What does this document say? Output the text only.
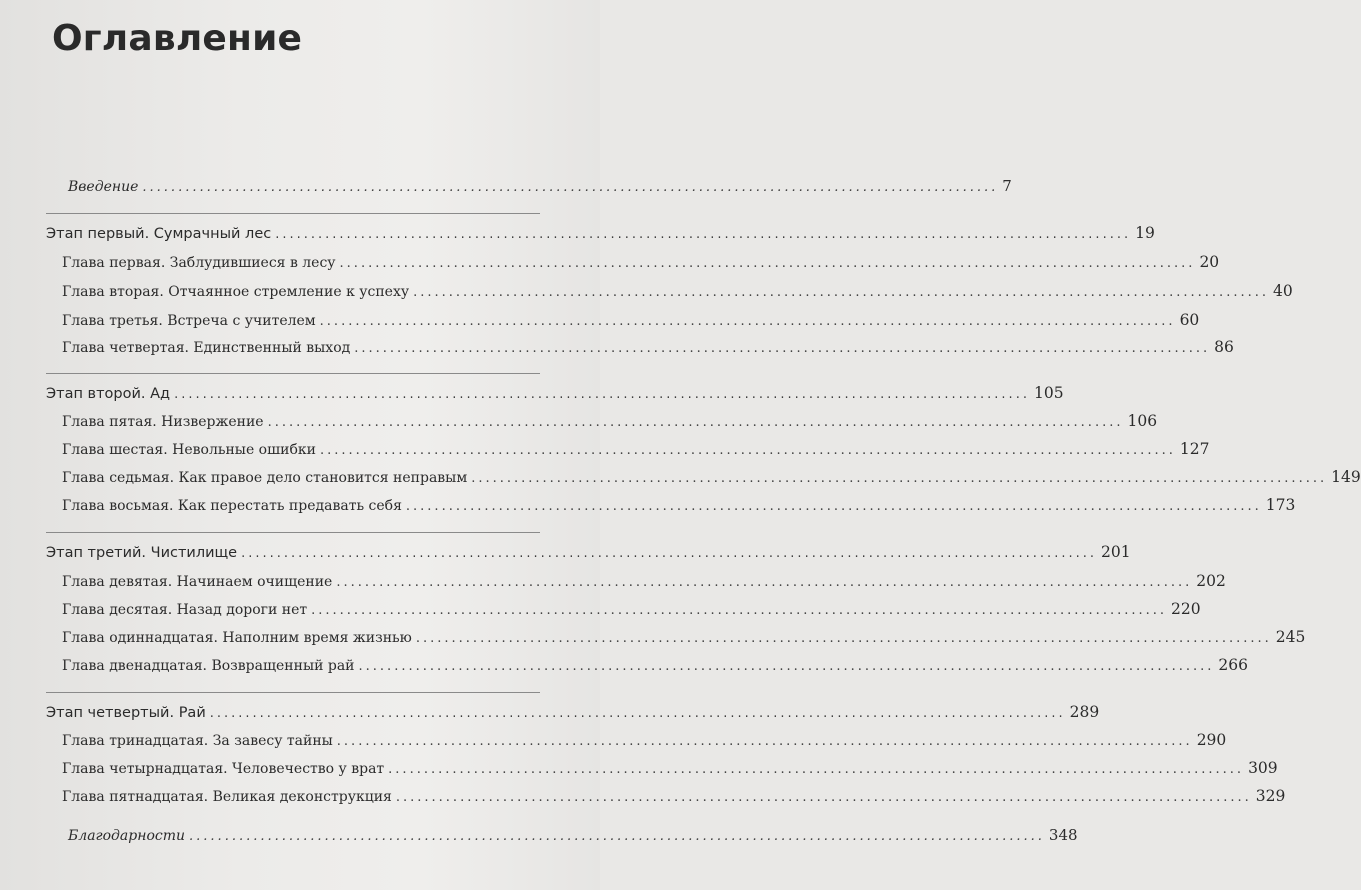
Оглавление
Введение ........................................................................................................................ 7
Этап первый. Сумрачный лес ........................................................................................................................ 19
Глава первая. Заблудившиеся в лесу ........................................................................................................................ 20
Глава вторая. Отчаянное стремление к успеху ........................................................................................................................ 40
Глава третья. Встреча с учителем ........................................................................................................................ 60
Глава четвертая. Единственный выход ........................................................................................................................ 86
Этап второй. Ад ........................................................................................................................ 105
Глава пятая. Низвержение ........................................................................................................................ 106
Глава шестая. Невольные ошибки ........................................................................................................................ 127
Глава седьмая. Как правое дело становится неправым ........................................................................................................................ 149
Глава восьмая. Как перестать предавать себя ........................................................................................................................ 173
Этап третий. Чистилище ........................................................................................................................ 201
Глава девятая. Начинаем очищение ........................................................................................................................ 202
Глава десятая. Назад дороги нет ........................................................................................................................ 220
Глава одиннадцатая. Наполним время жизнью ........................................................................................................................ 245
Глава двенадцатая. Возвращенный рай ........................................................................................................................ 266
Этап четвертый. Рай ........................................................................................................................ 289
Глава тринадцатая. За завесу тайны ........................................................................................................................ 290
Глава четырнадцатая. Человечество у врат ........................................................................................................................ 309
Глава пятнадцатая. Великая деконструкция ........................................................................................................................ 329
Благодарности ........................................................................................................................ 348
